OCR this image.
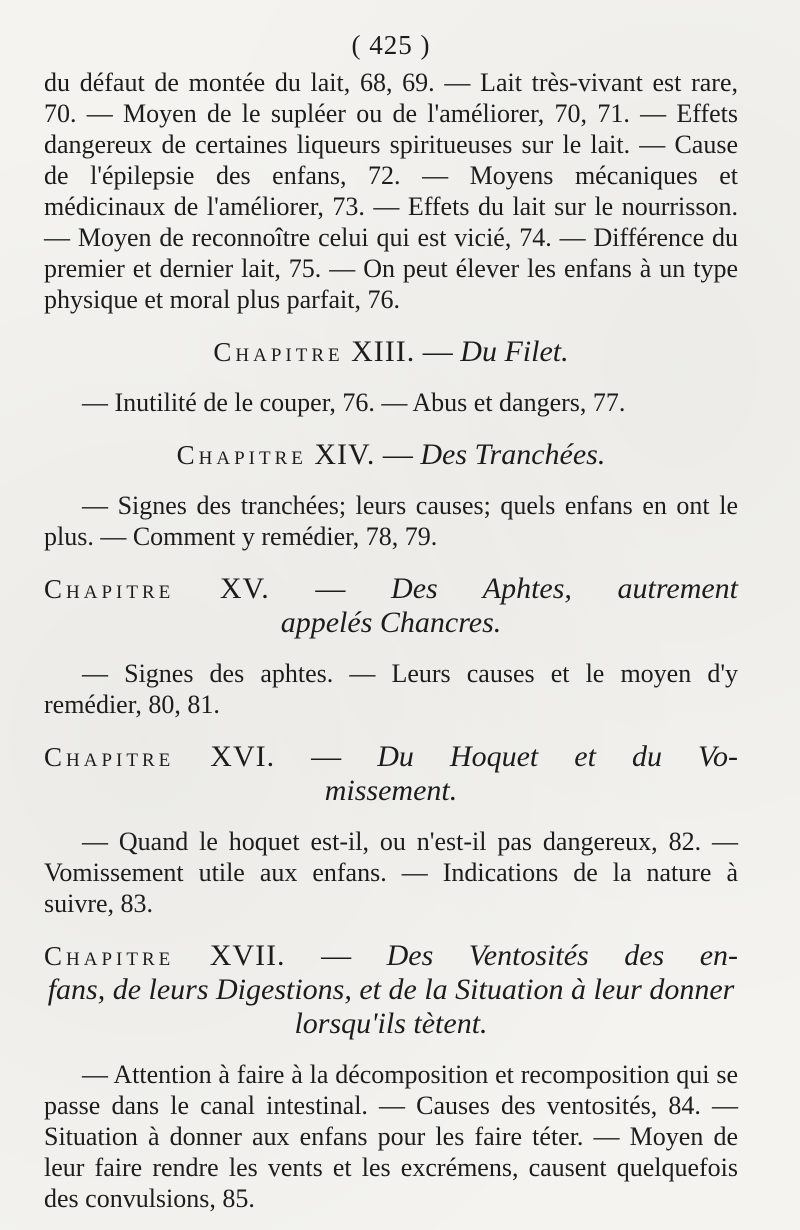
( 425 )

du défaut de montée du lait, 68, 69. — Lait très-vivant est rare, 70. — Moyen de le supléer ou de l'améliorer, 70, 71. — Effets dangereux de certaines liqueurs spiritueuses sur le lait. — Cause de l'épilepsie des enfans, 72. — Moyens mécaniques et médicinaux de l'améliorer, 73. — Effets du lait sur le nourrisson. — Moyen de reconnoître celui qui est vicié, 74. — Différence du premier et dernier lait, 75. — On peut élever les enfans à un type physique et moral plus parfait, 76.

Chapitre XIII. — Du Filet.

— Inutilité de le couper, 76. — Abus et dangers, 77.

Chapitre XIV. — Des Tranchées.

— Signes des tranchées; leurs causes; quels enfans en ont le plus. — Comment y remédier, 78, 79.

Chapitre XV. — Des Aphtes, autrement
appelés Chancres.

— Signes des aphtes. — Leurs causes et le moyen d'y remédier, 80, 81.

Chapitre XVI. — Du Hoquet et du Vo-
missement.

— Quand le hoquet est-il, ou n'est-il pas dangereux, 82. — Vomissement utile aux enfans. — Indications de la nature à suivre, 83.

Chapitre XVII. — Des Ventosités des en-
fans, de leurs Digestions, et de la Situation à leur donner lorsqu'ils tètent.

— Attention à faire à la décomposition et recomposition qui se passe dans le canal intestinal. — Causes des ventosités, 84. — Situation à donner aux enfans pour les faire téter. — Moyen de leur faire rendre les vents et les excrémens, causent quelquefois des convulsions, 85.
